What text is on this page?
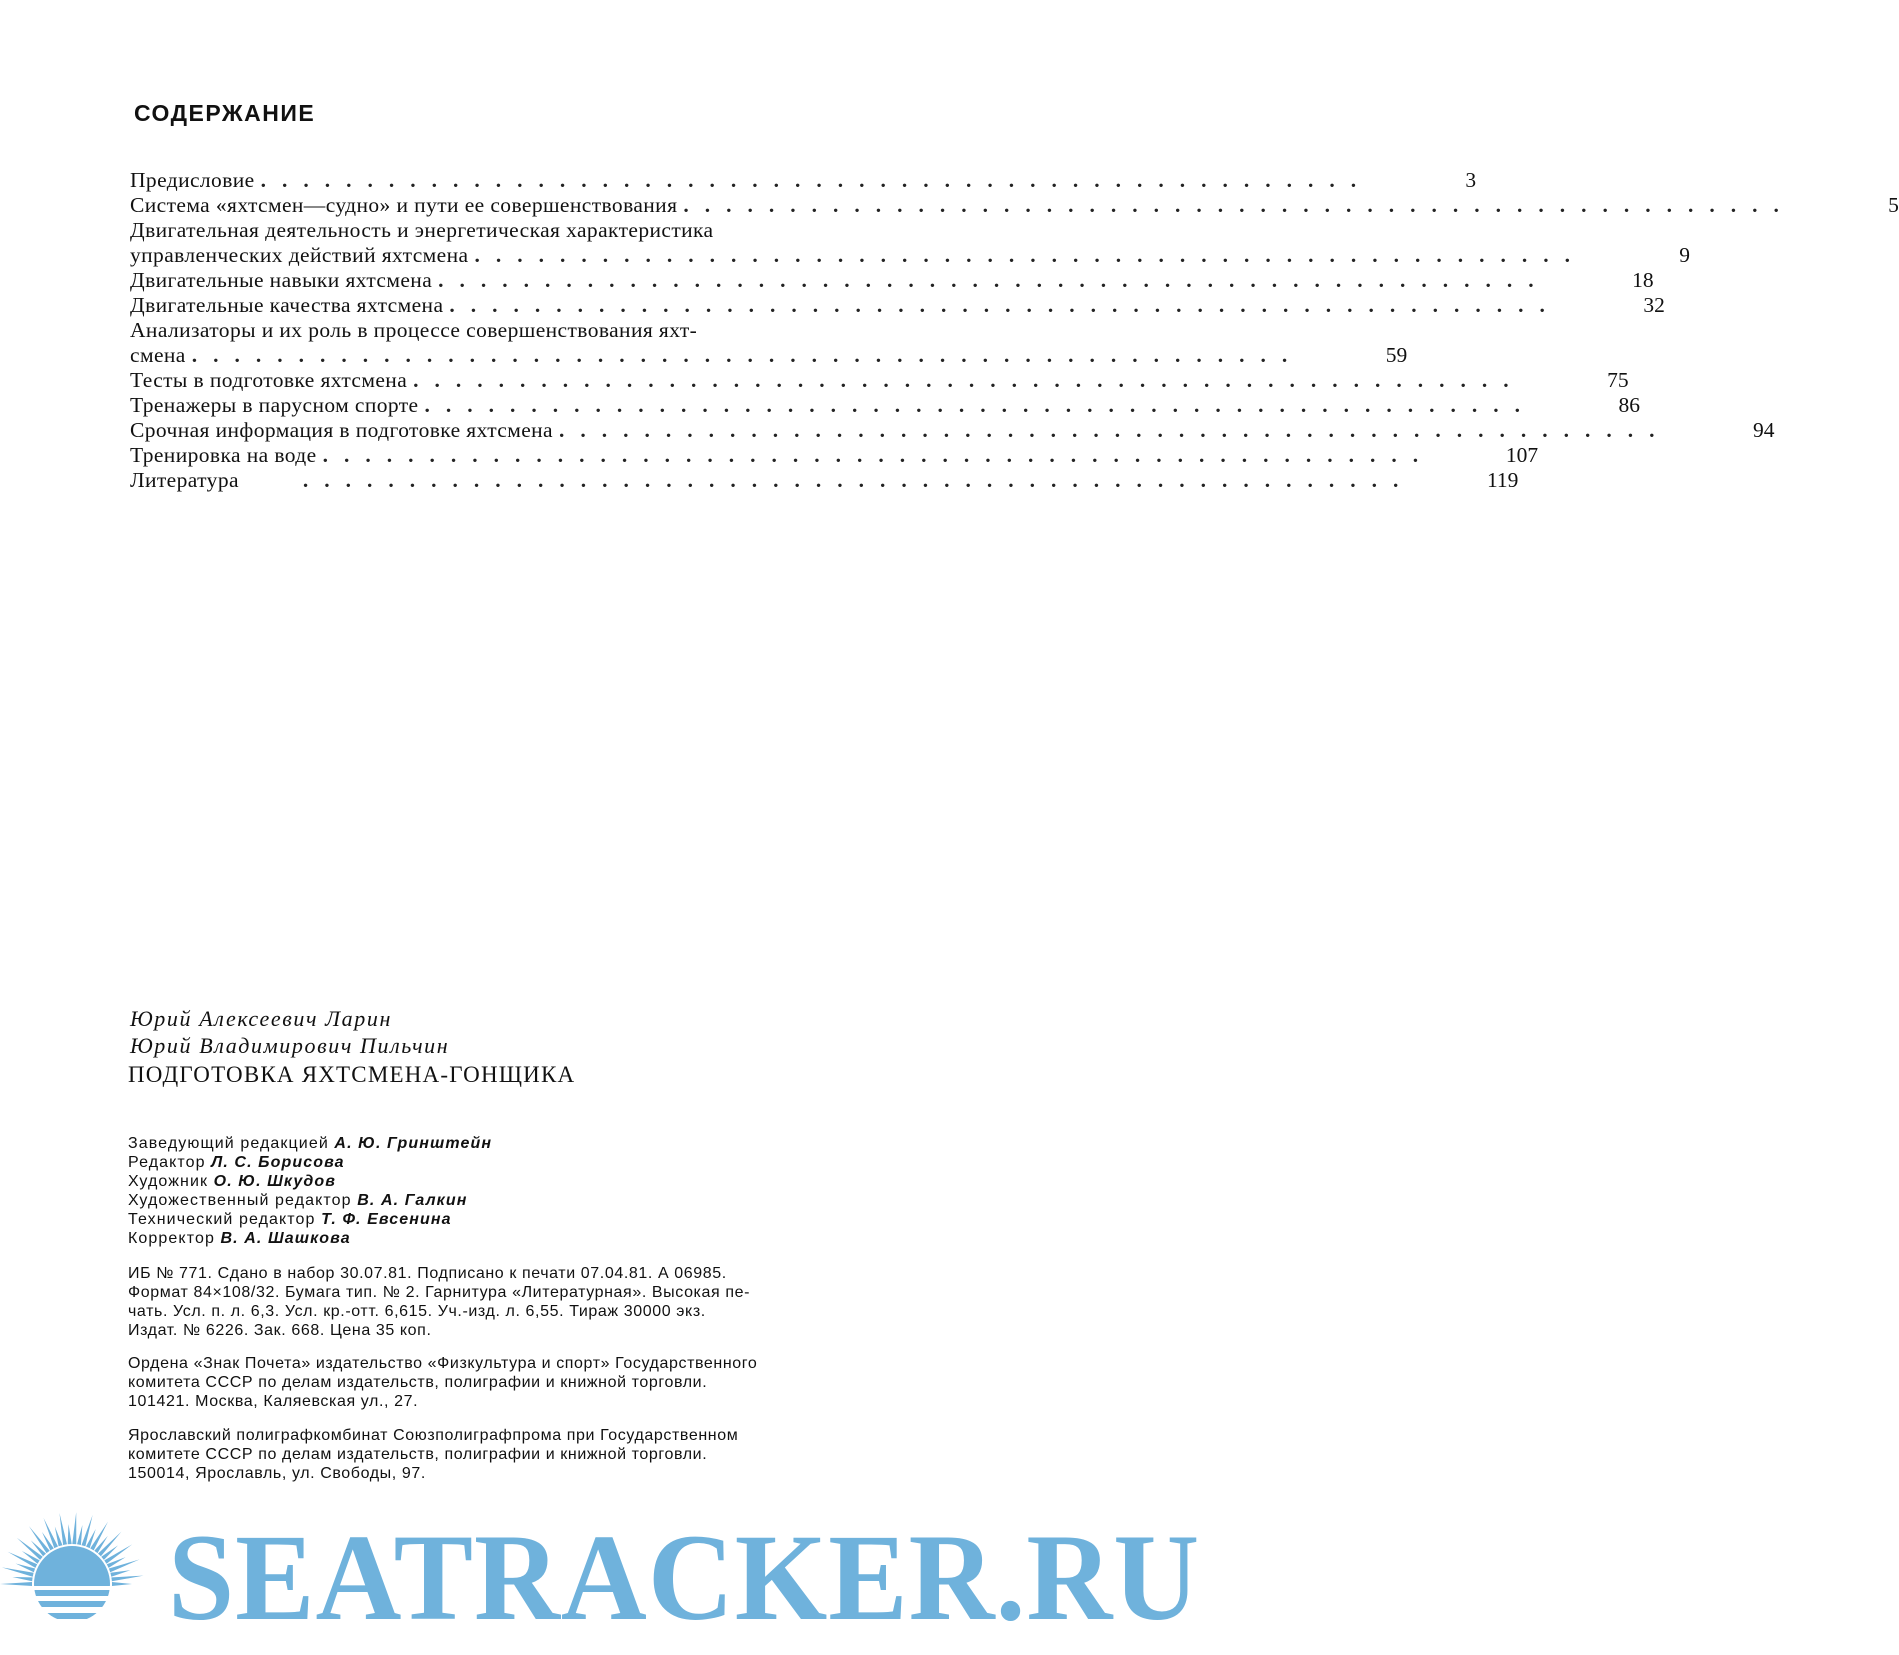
СОДЕРЖАНИЕ
Предисловие ....................................................	3
Система «яхтсмен—судно» и пути ее совершенствования ....................................................	5
Двигательная деятельность и энергетическая характеристика
управленческих действий яхтсмена ....................................................	9
Двигательные навыки яхтсмена ....................................................	18
Двигательные качества яхтсмена ....................................................	32
Анализаторы и их роль в процессе совершенствования яхт-
смена ....................................................	59
Тесты в подготовке яхтсмена ....................................................	75
Тренажеры в парусном спорте ....................................................	86
Срочная информация в подготовке яхтсмена ....................................................	94
Тренировка на воде ....................................................	107
Литература	....................................................	119

Юрий Алексеевич Ларин

Юрий Владимирович Пильчин

ПОДГОТОВКА ЯХТСМЕНА-ГОНЩИКА
Заведующий редакцией А. Ю. Гринштейн
Редактор Л. С. Борисова
Художник О. Ю. Шкудов
Художественный редактор В. А. Галкин
Технический редактор Т. Ф. Евсенина
Корректор В. А. Шашкова
ИБ № 771. Сдано в набор 30.07.81. Подписано к печати 07.04.81. А 06985.
Формат 84×108/32. Бумага тип. № 2. Гарнитура «Литературная». Высокая пе-
чать. Усл. п. л. 6,3. Усл. кр.-отт. 6,615. Уч.-изд. л. 6,55. Тираж 30000 экз.
Издат. № 6226. Зак. 668. Цена 35 коп.
Ордена «Знак Почета» издательство «Физкультура и спорт» Государственного
комитета СССР по делам издательств, полиграфии и книжной торговли.
101421. Москва, Каляевская ул., 27.
Ярославский полиграфкомбинат Союзполиграфпрома при Государственном
комитете СССР по делам издательств, полиграфии и книжной торговли.
150014, Ярославль, ул. Свободы, 97.
SEATRACKER.RU
